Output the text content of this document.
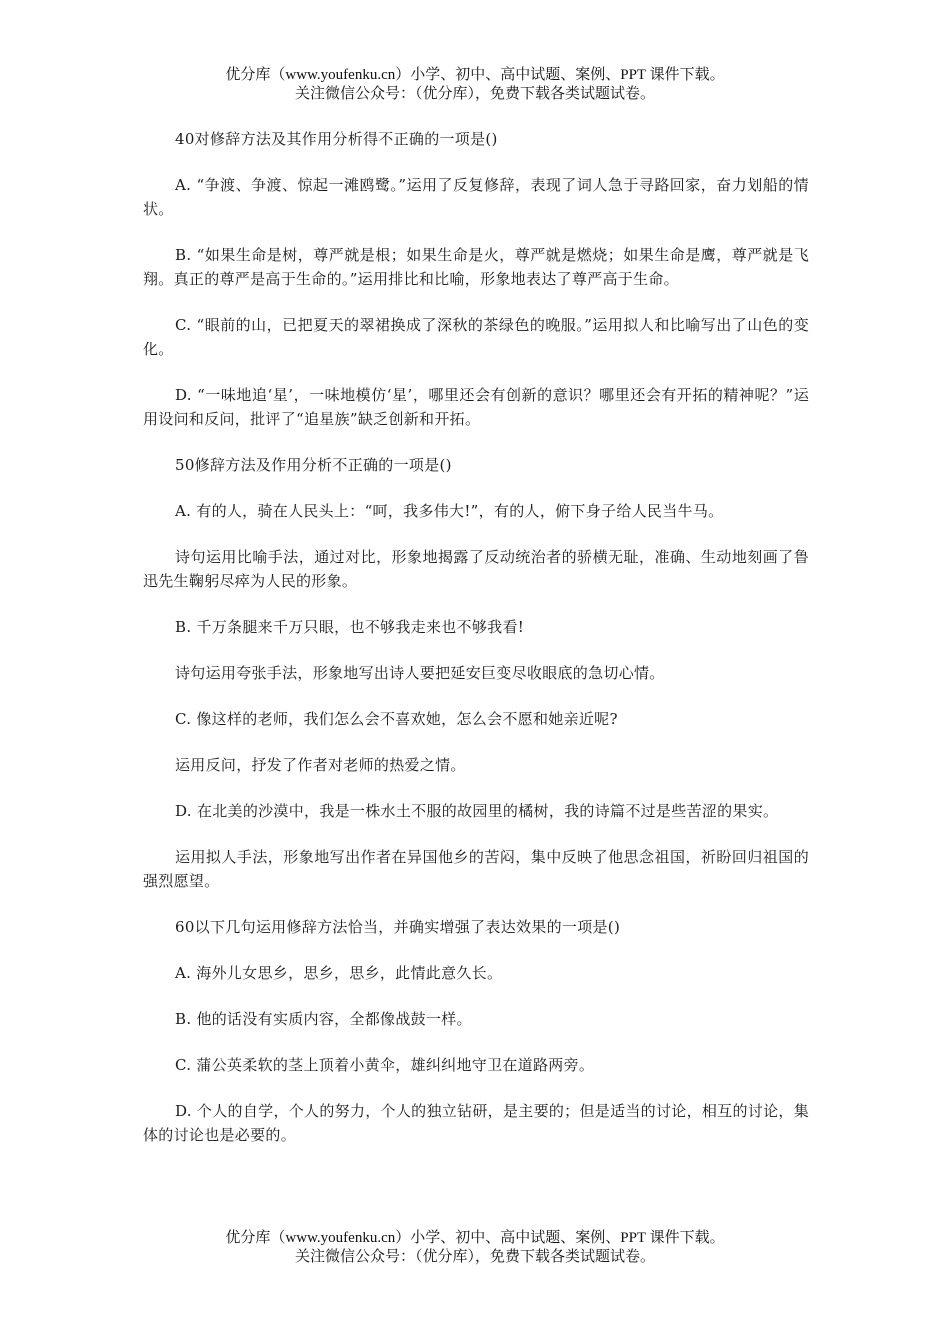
优分库（www.youfenku.cn）小学、初中、高中试题、案例、PPT 课件下载。
关注微信公众号：（优分库），免费下载各类试题试卷。

40对修辞方法及其作用分析得不正确的一项是()

A. “争渡、争渡、惊起一滩鸥鹭。”运用了反复修辞，表现了词人急于寻路回家，奋力划船的情状。

B. “如果生命是树，尊严就是根；如果生命是火，尊严就是燃烧；如果生命是鹰，尊严就是飞翔。真正的尊严是高于生命的。”运用排比和比喻，形象地表达了尊严高于生命。

C. “眼前的山，已把夏天的翠裙换成了深秋的茶绿色的晚服。”运用拟人和比喻写出了山色的变化。

D. “一味地追‘星’，一味地模仿‘星’，哪里还会有创新的意识？哪里还会有开拓的精神呢？”运用设问和反问，批评了“追星族”缺乏创新和开拓。

50修辞方法及作用分析不正确的一项是()

A. 有的人，骑在人民头上：“呵，我多伟大!”，有的人，俯下身子给人民当牛马。

诗句运用比喻手法，通过对比，形象地揭露了反动统治者的骄横无耻，准确、生动地刻画了鲁迅先生鞠躬尽瘁为人民的形象。

B. 千万条腿来千万只眼，也不够我走来也不够我看!

诗句运用夸张手法，形象地写出诗人要把延安巨变尽收眼底的急切心情。

C. 像这样的老师，我们怎么会不喜欢她，怎么会不愿和她亲近呢?

运用反问，抒发了作者对老师的热爱之情。

D. 在北美的沙漠中，我是一株水土不服的故园里的橘树，我的诗篇不过是些苦涩的果实。

运用拟人手法，形象地写出作者在异国他乡的苦闷，集中反映了他思念祖国，祈盼回归祖国的强烈愿望。

60以下几句运用修辞方法恰当，并确实增强了表达效果的一项是()

A. 海外儿女思乡，思乡，思乡，此情此意久长。

B. 他的话没有实质内容，全都像战鼓一样。

C. 蒲公英柔软的茎上顶着小黄伞，雄纠纠地守卫在道路两旁。

D. 个人的自学，个人的努力，个人的独立钻研，是主要的；但是适当的讨论，相互的讨论，集体的讨论也是必要的。

优分库（www.youfenku.cn）小学、初中、高中试题、案例、PPT 课件下载。
关注微信公众号：（优分库），免费下载各类试题试卷。
